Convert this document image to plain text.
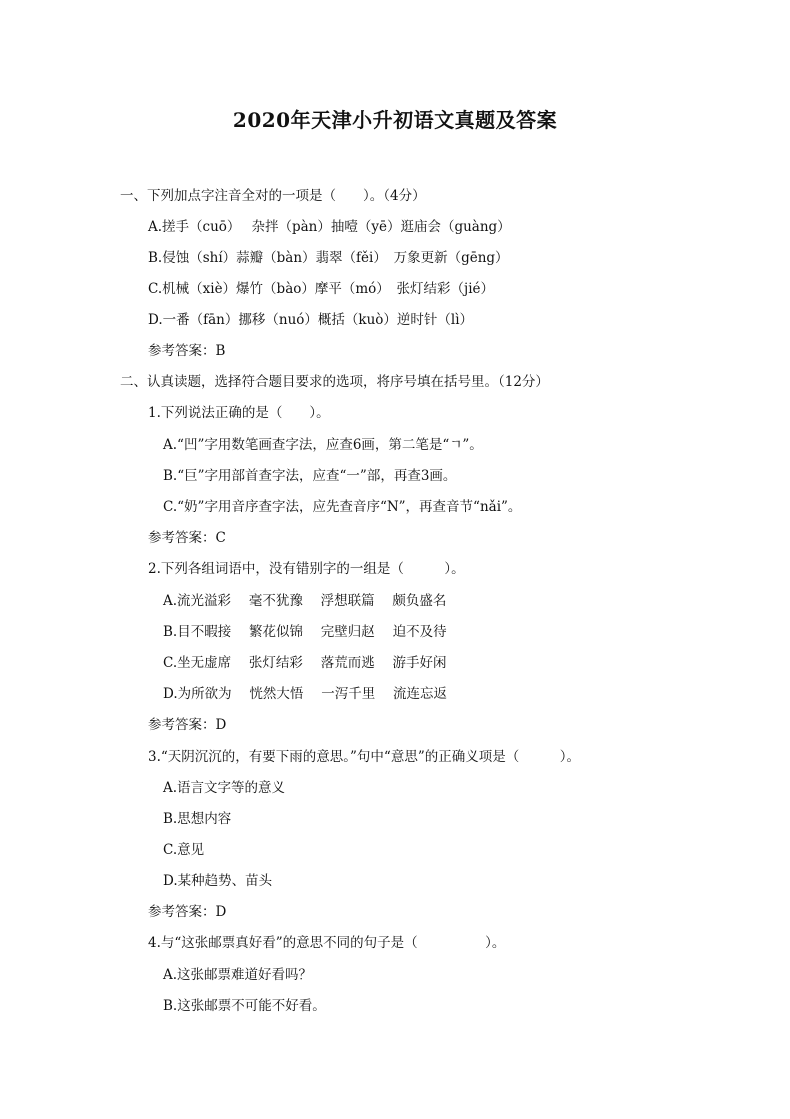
2020年天津小升初语文真题及答案
一、下列加点字注音全对的一项是（　　）。（4分）
A.搓手（cuō）　 杂拌（pàn）抽噎（yē）逛庙会（guàng）
B.侵蚀（shí）蒜瓣（bàn）翡翠（fěi）　万象更新（gēng）
C.机械（xiè）爆竹（bào）摩平（mó）　张灯结彩（jié）
D.一番（fān）挪移（nuó）概括（kuò）逆时针（lì）
参考答案：B
二、认真读题，选择符合题目要求的选项，将序号填在括号里。（12分）
1.下列说法正确的是（　　）。
A.“凹”字用数笔画查字法，应查6画，第二笔是“ㄱ”。
B.“巨”字用部首查字法，应查“一”部，再查3画。
C.“奶”字用音序查字法，应先查音序“N”，再查音节“nǎi”。
参考答案：C
2.下列各组词语中，没有错别字的一组是（　　　）。
A.流光溢彩　 毫不犹豫　 浮想联篇　 颇负盛名
B.目不暇接　 繁花似锦　 完壁归赵　 迫不及待
C.坐无虚席　 张灯结彩　 落荒而逃　 游手好闲
D.为所欲为　 恍然大悟　 一泻千里　 流连忘返
参考答案：D
3.“天阴沉沉的，有要下雨的意思。”句中“意思”的正确义项是（　　　）。
A.语言文字等的意义
B.思想内容
C.意见
D.某种趋势、苗头
参考答案：D
4.与“这张邮票真好看”的意思不同的句子是（　　　　　）。
A.这张邮票难道好看吗？
B.这张邮票不可能不好看。
